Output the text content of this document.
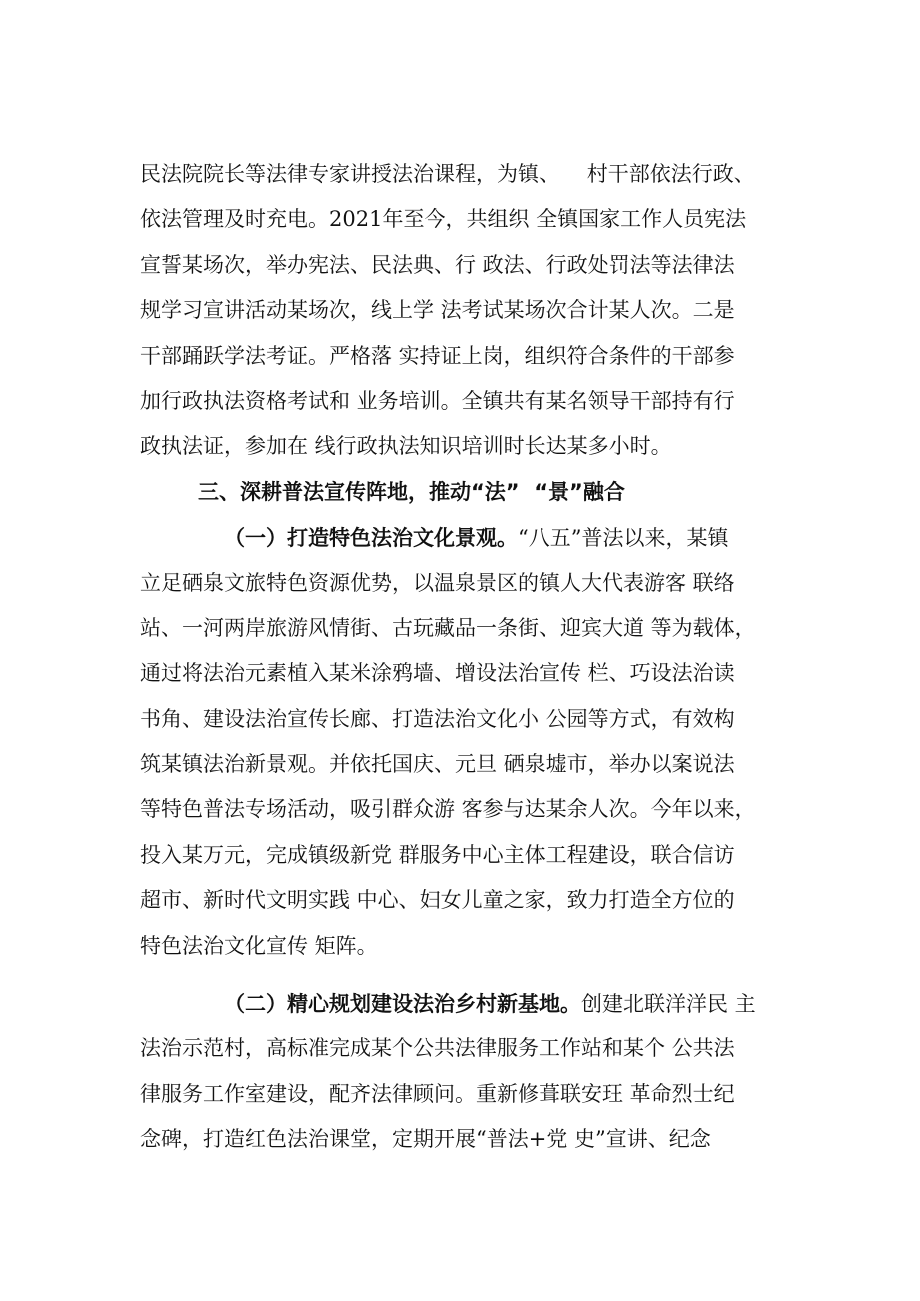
民法院院长等法律专家讲授法治课程，为镇、    村干部依法行政、
依法管理及时充电。2021年至今，共组织 全镇国家工作人员宪法
宣誓某场次，举办宪法、民法典、行 政法、行政处罚法等法律法
规学习宣讲活动某场次，线上学 法考试某场次合计某人次。二是
干部踊跃学法考证。严格落 实持证上岗，组织符合条件的干部参
加行政执法资格考试和 业务培训。全镇共有某名领导干部持有行
政执法证，参加在 线行政执法知识培训时长达某多小时。
三、深耕普法宣传阵地，推动“法”  “景”融合
（一）打造特色法治文化景观。“八五”普法以来，某镇
立足硒泉文旅特色资源优势，以温泉景区的镇人大代表游客 联络
站、一河两岸旅游风情街、古玩藏品一条街、迎宾大道 等为载体，
通过将法治元素植入某米涂鸦墙、增设法治宣传 栏、巧设法治读
书角、建设法治宣传长廊、打造法治文化小 公园等方式，有效构
筑某镇法治新景观。并依托国庆、元旦 硒泉墟市，举办以案说法
等特色普法专场活动，吸引群众游 客参与达某余人次。今年以来，
投入某万元，完成镇级新党 群服务中心主体工程建设，联合信访
超市、新时代文明实践 中心、妇女儿童之家，致力打造全方位的
特色法治文化宣传 矩阵。
（二）精心规划建设法治乡村新基地。创建北联洋洋民 主
法治示范村，高标准完成某个公共法律服务工作站和某个 公共法
律服务工作室建设，配齐法律顾问。重新修葺联安玨 革命烈士纪
念碑，打造红色法治课堂，定期开展“普法+党 史”宣讲、纪念
